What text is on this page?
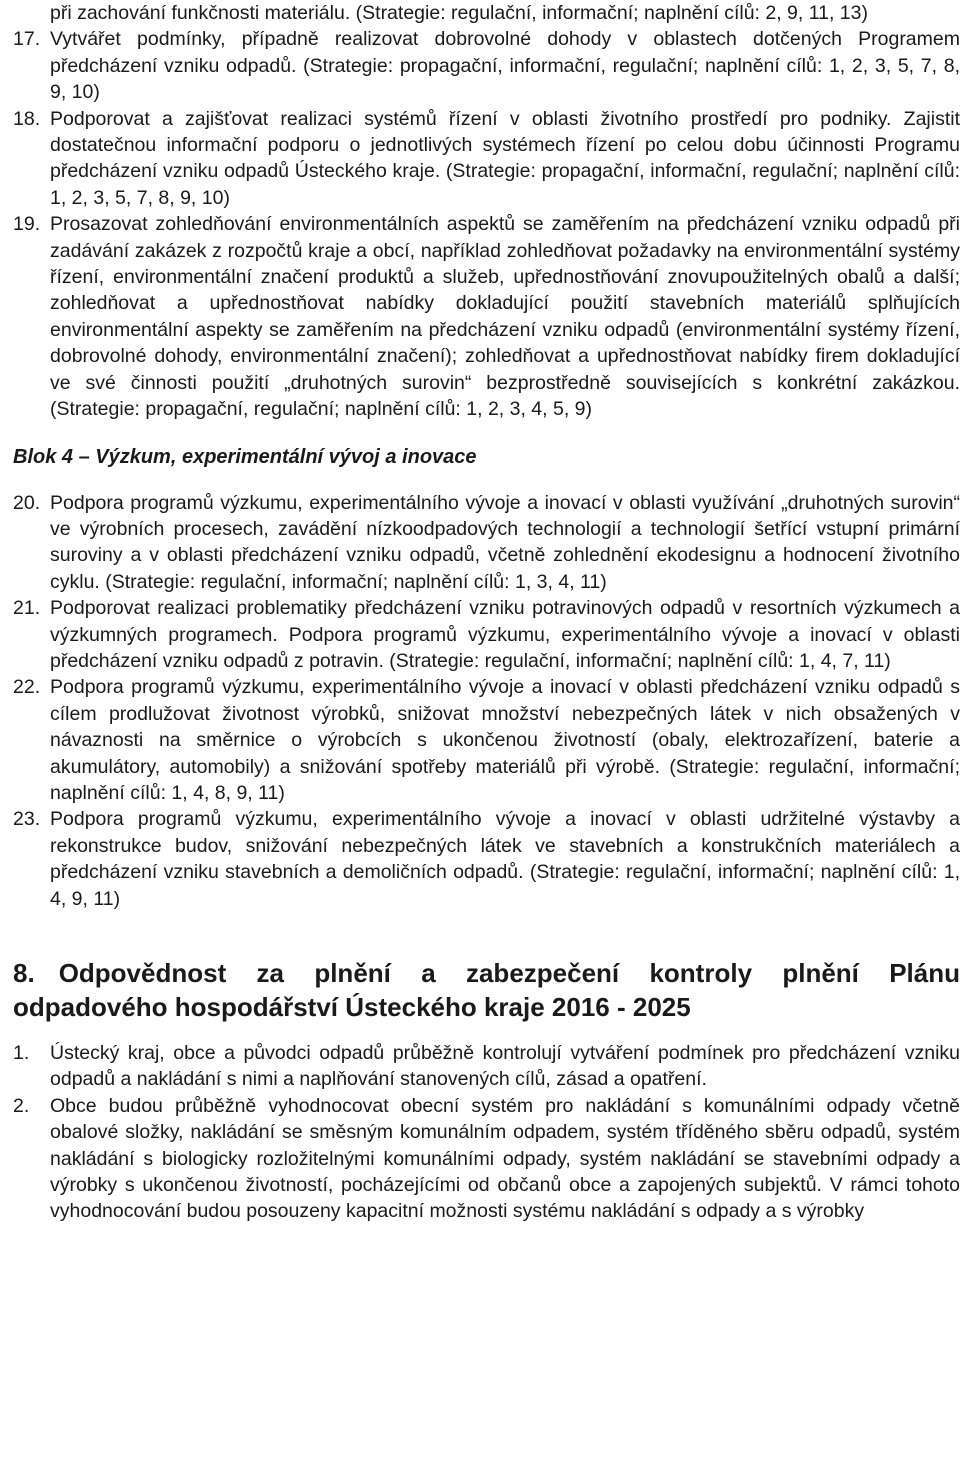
při zachování funkčnosti materiálu. (Strategie: regulační, informační; naplnění cílů: 2, 9, 11, 13)
17. Vytvářet podmínky, případně realizovat dobrovolné dohody v oblastech dotčených Programem předcházení vzniku odpadů. (Strategie: propagační, informační, regulační; naplnění cílů: 1, 2, 3, 5, 7, 8, 9, 10)
18. Podporovat a zajišťovat realizaci systémů řízení v oblasti životního prostředí pro podniky. Zajistit dostatečnou informační podporu o jednotlivých systémech řízení po celou dobu účinnosti Programu předcházení vzniku odpadů Ústeckého kraje. (Strategie: propagační, informační, regulační; naplnění cílů: 1, 2, 3, 5, 7, 8, 9, 10)
19. Prosazovat zohledňování environmentálních aspektů se zaměřením na předcházení vzniku odpadů při zadávání zakázek z rozpočtů kraje a obcí, například zohledňovat požadavky na environmentální systémy řízení, environmentální značení produktů a služeb, upřednostňování znovupoužitelných obalů a další; zohledňovat a upřednostňovat nabídky dokladující použití stavebních materiálů splňujících environmentální aspekty se zaměřením na předcházení vzniku odpadů (environmentální systémy řízení, dobrovolné dohody, environmentální značení); zohledňovat a upřednostňovat nabídky firem dokladující ve své činnosti použití „druhotných surovin“ bezprostředně souvisejících s konkrétní zakázkou. (Strategie: propagační, regulační; naplnění cílů: 1, 2, 3, 4, 5, 9)
Blok 4 – Výzkum, experimentální vývoj a inovace
20. Podpora programů výzkumu, experimentálního vývoje a inovací v oblasti využívání „druhotných surovin“ ve výrobních procesech, zavádění nízkoodpadových technologií a technologií šetřící vstupní primární suroviny a v oblasti předcházení vzniku odpadů, včetně zohlednění ekodesignu a hodnocení životního cyklu. (Strategie: regulační, informační; naplnění cílů: 1, 3, 4, 11)
21. Podporovat realizaci problematiky předcházení vzniku potravinových odpadů v resortních výzkumech a výzkumných programech. Podpora programů výzkumu, experimentálního vývoje a inovací v oblasti předcházení vzniku odpadů z potravin. (Strategie: regulační, informační; naplnění cílů: 1, 4, 7, 11)
22. Podpora programů výzkumu, experimentálního vývoje a inovací v oblasti předcházení vzniku odpadů s cílem prodlužovat životnost výrobků, snižovat množství nebezpečných látek v nich obsažených v návaznosti na směrnice o výrobcích s ukončenou životností (obaly, elektrozařízení, baterie a akumulátory, automobily) a snižování spotřeby materiálů při výrobě. (Strategie: regulační, informační; naplnění cílů: 1, 4, 8, 9, 11)
23. Podpora programů výzkumu, experimentálního vývoje a inovací v oblasti udržitelné výstavby a rekonstrukce budov, snižování nebezpečných látek ve stavebních a konstrukčních materiálech a předcházení vzniku stavebních a demoličních odpadů. (Strategie: regulační, informační; naplnění cílů: 1, 4, 9, 11)
8. Odpovědnost za plnění a zabezpečení kontroly plnění Plánu odpadového hospodářství Ústeckého kraje 2016 - 2025
1.	Ústecký kraj, obce a původci odpadů průběžně kontrolují vytváření podmínek pro předcházení vzniku odpadů a nakládání s nimi a naplňování stanovených cílů, zásad a opatření.
2.	Obce budou průběžně vyhodnocovat obecní systém pro nakládání s komunálními odpady včetně obalové složky, nakládání se směsným komunálním odpadem, systém tříděného sběru odpadů, systém nakládání s biologicky rozložitelnými komunálními odpady, systém nakládání se stavebními odpady a výrobky s ukončenou životností, pocházejícími od občanů obce a zapojených subjektů. V rámci tohoto vyhodnocování budou posouzeny kapacitní možnosti systému nakládání s odpady a s výrobky
